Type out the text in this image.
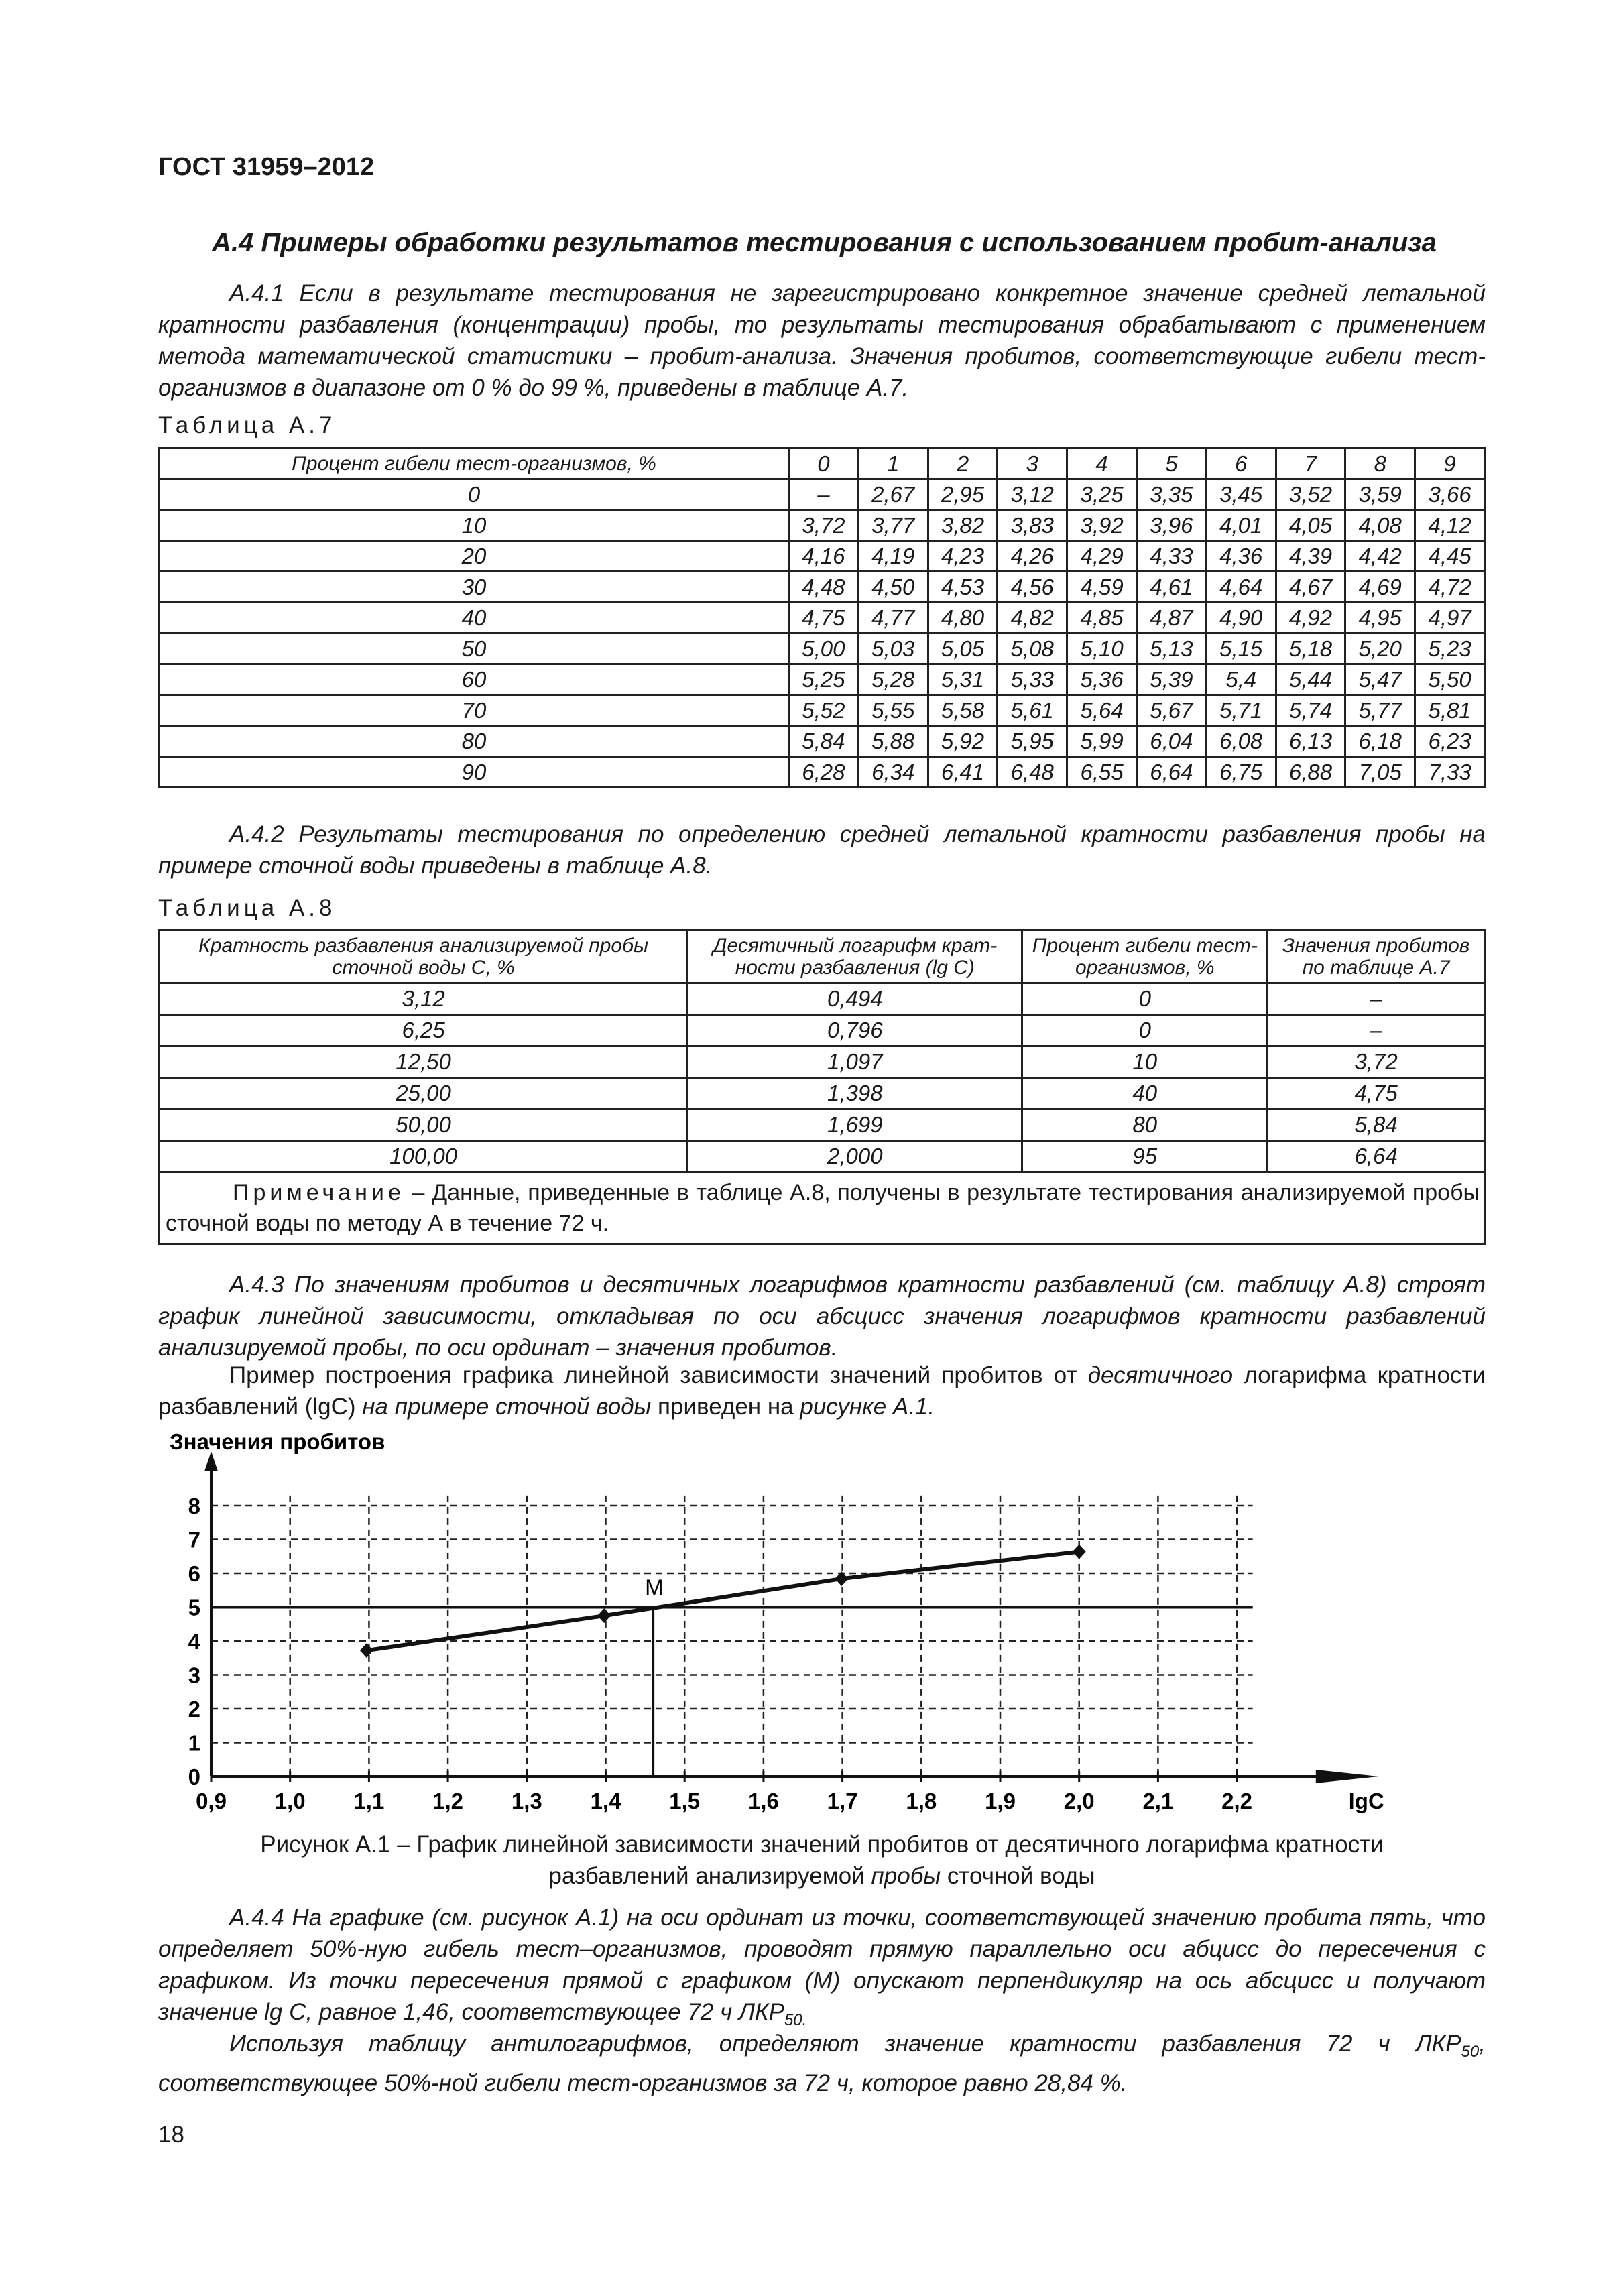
ГОСТ 31959–2012
А.4 Примеры обработки результатов тестирования с использованием пробит-анализа
А.4.1 Если в результате тестирования не зарегистрировано конкретное значение средней летальной кратности разбавления (концентрации) пробы, то результаты тестирования обрабатывают с применением метода математической статистики – пробит-анализа. Значения пробитов, соответствующие гибели тест-организмов в диапазоне от 0 % до 99 %, приведены в таблице А.7.
Таблица А.7
Процент гибели тест-организмов, %	0	1	2	3	4	5	6	7	8	9
0	–	2,67	2,95	3,12	3,25	3,35	3,45	3,52	3,59	3,66
10	3,72	3,77	3,82	3,83	3,92	3,96	4,01	4,05	4,08	4,12
20	4,16	4,19	4,23	4,26	4,29	4,33	4,36	4,39	4,42	4,45
30	4,48	4,50	4,53	4,56	4,59	4,61	4,64	4,67	4,69	4,72
40	4,75	4,77	4,80	4,82	4,85	4,87	4,90	4,92	4,95	4,97
50	5,00	5,03	5,05	5,08	5,10	5,13	5,15	5,18	5,20	5,23
60	5,25	5,28	5,31	5,33	5,36	5,39	5,4	5,44	5,47	5,50
70	5,52	5,55	5,58	5,61	5,64	5,67	5,71	5,74	5,77	5,81
80	5,84	5,88	5,92	5,95	5,99	6,04	6,08	6,13	6,18	6,23
90	6,28	6,34	6,41	6,48	6,55	6,64	6,75	6,88	7,05	7,33
А.4.2 Результаты тестирования по определению средней летальной кратности разбавления пробы на примере сточной воды приведены в таблице А.8.
Таблица А.8
Кратность разбавления анализируемой пробы сточной воды С, %	Десятичный логарифм крат-ности разбавления (lg С)	Процент гибели тест-организмов, %	Значения пробитов по таблице А.7
3,12	0,494	0	–
6,25	0,796	0	–
12,50	1,097	10	3,72
25,00	1,398	40	4,75
50,00	1,699	80	5,84
100,00	2,000	95	6,64
Примечание – Данные, приведенные в таблице А.8, получены в результате тестирования анализируемой пробы сточной воды по методу А в течение 72 ч.			
А.4.3 По значениям пробитов и десятичных логарифмов кратности разбавлений (см. таблицу А.8) строят график линейной зависимости, откладывая по оси абсцисс значения логарифмов кратности разбавлений анализируемой пробы, по оси ординат – значения пробитов.
Пример построения графика линейной зависимости значений пробитов от десятичного логарифма кратности разбавлений (lgC) на примере сточной воды приведен на рисунке А.1.
0,9 1,0 1,1 1,2 1,3 1,4 1,5 1,6 1,7 1,8 1,9 2,0 2,1 2,2
0
1
2
3
4
5
6
7
8
Значения пробитов
lgC
M
Рисунок А.1 – График линейной зависимости значений пробитов от десятичного логарифма кратности
разбавлений анализируемой пробы сточной воды
А.4.4 На графике (см. рисунок А.1) на оси ординат из точки, соответствующей значению пробита пять, что определяет 50%-ную гибель тест–организмов, проводят прямую параллельно оси абцисс до пересечения с графиком. Из точки пересечения прямой с графиком (М) опускают перпендикуляр на ось абсцисс и получают значение lg С, равное 1,46, соответствующее 72 ч $ЛКР_{50.}$
Используя таблицу антилогарифмов, определяют значение кратности разбавления 72 ч $ЛКР_{50}$, соответствующее 50%-ной гибели тест-организмов за 72 ч, которое равно 28,84 %.
18
